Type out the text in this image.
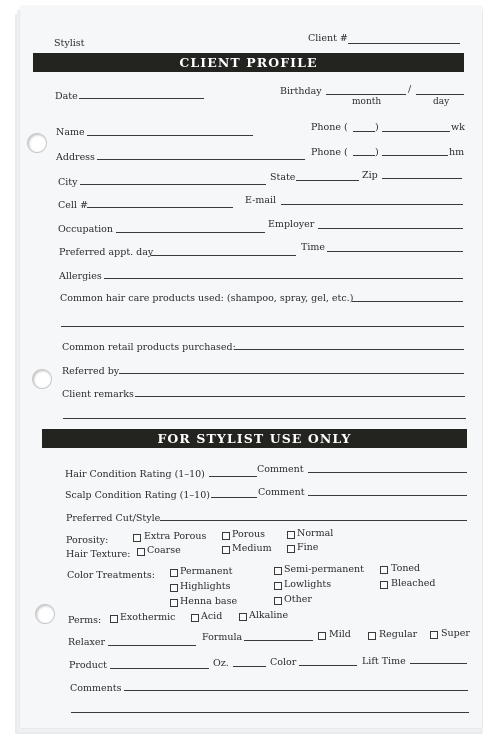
Stylist	Client #
CLIENT PROFILE
Date	Birthday	/
month	day
Name	Phone (	)	wk
Address	Phone (	)	hm
City	State	Zip
Cell #	E-mail
Occupation	Employer
Preferred appt. day	Time
Allergies
Common hair care products used: (shampoo, spray, gel, etc.)
Common retail products purchased:
Referred by
Client remarks
FOR STYLIST USE ONLY
Hair Condition Rating (1–10)	Comment
Scalp Condition Rating (1–10)	Comment
Preferred Cut/Style
Porosity:	Extra Porous	Porous	Normal
Hair Texture: Coarse	Medium	Fine
Color Treatments:	Permanent	Semi-permanent	Toned
Highlights	Lowlights	Bleached
Henna base	Other
Perms: Exothermic	Acid	Alkaline
Relaxer	Formula	Mild	Regular	Super
Product	Oz.	Color	Lift Time
Comments
